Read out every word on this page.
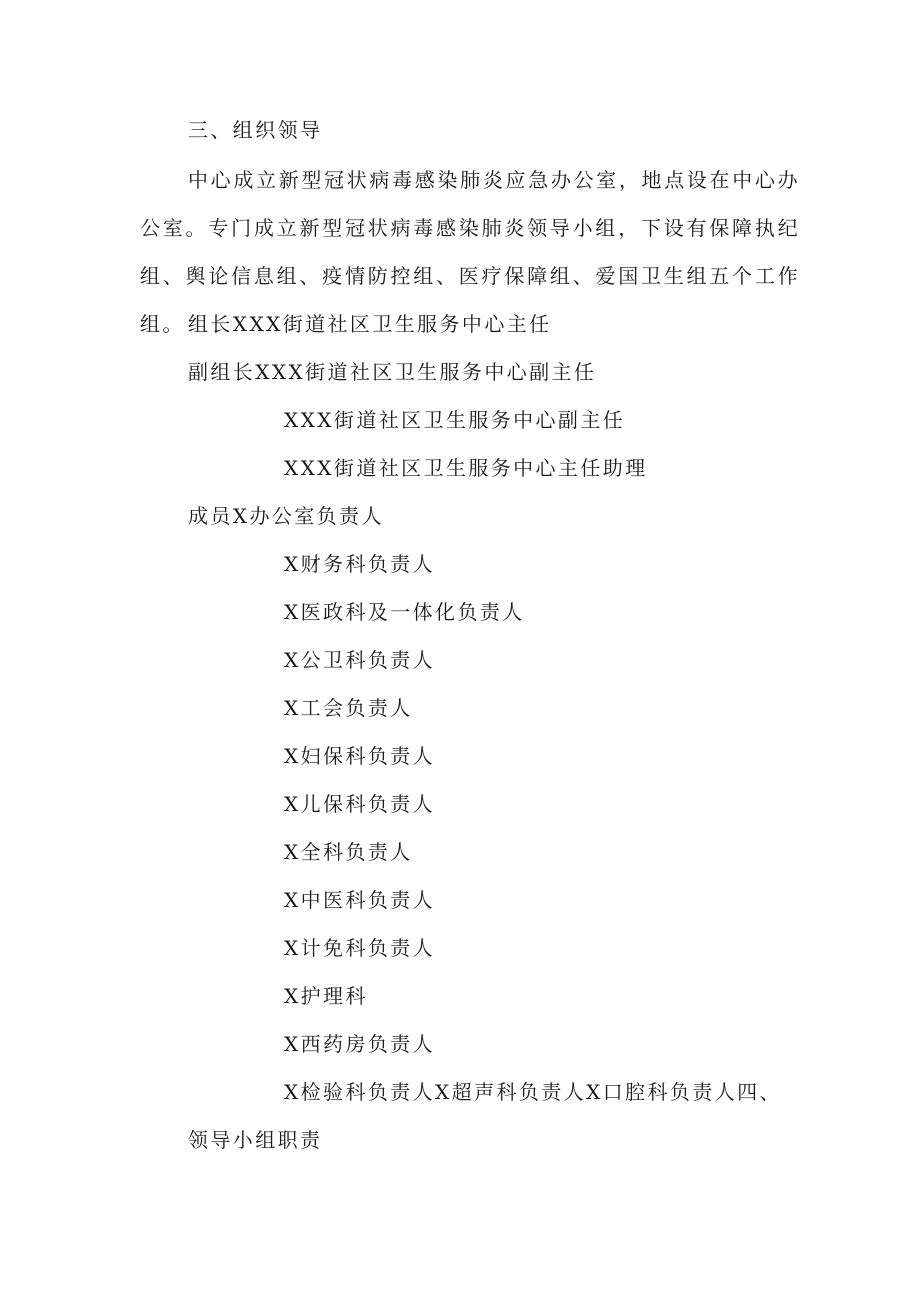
三、组织领导
中心成立新型冠状病毒感染肺炎应急办公室，地点设在中心办公室。专门成立新型冠状病毒感染肺炎领导小组，下设有保障执纪组、舆论信息组、疫情防控组、医疗保障组、爱国卫生组五个工作组。 组长XXX街道社区卫生服务中心主任
副组长XXX街道社区卫生服务中心副主任
XXX街道社区卫生服务中心副主任
XXX街道社区卫生服务中心主任助理
成员X办公室负责人
X财务科负责人
X医政科及一体化负责人
X公卫科负责人
X工会负责人
X妇保科负责人
X儿保科负责人
X全科负责人
X中医科负责人
X计免科负责人
X护理科
X西药房负责人
X检验科负责人X超声科负责人X口腔科负责人四、
领导小组职责
